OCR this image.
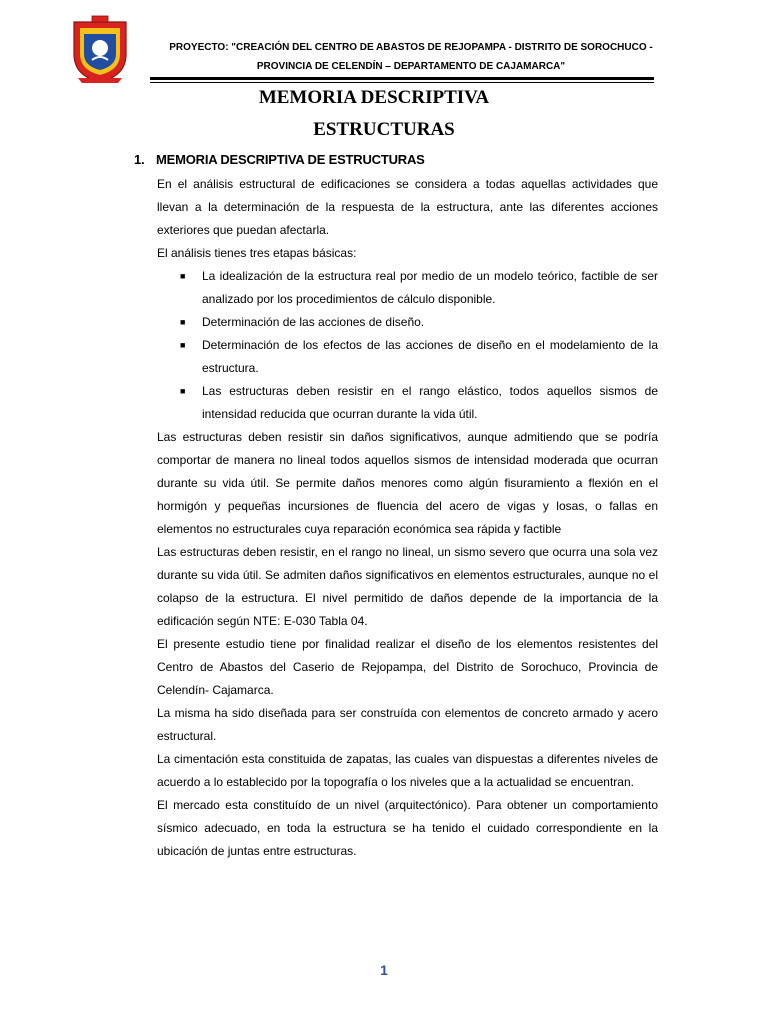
PROYECTO: "CREACIÓN DEL CENTRO DE ABASTOS DE REJOPAMPA - DISTRITO DE SOROCHUCO -
PROVINCIA DE CELENDÍN – DEPARTAMENTO DE CAJAMARCA"
MEMORIA DESCRIPTIVA
ESTRUCTURAS
1. MEMORIA DESCRIPTIVA DE ESTRUCTURAS

En el análisis estructural de edificaciones se considera a todas aquellas actividades que llevan a la determinación de la respuesta de la estructura, ante las diferentes acciones exteriores que puedan afectarla.

El análisis tienes tres etapas básicas:

■ La idealización de la estructura real por medio de un modelo teórico, factible de ser analizado por los procedimientos de cálculo disponible.
■ Determinación de las acciones de diseño.
■ Determinación de los efectos de las acciones de diseño en el modelamiento de la estructura.
■ Las estructuras deben resistir en el rango elástico, todos aquellos sismos de intensidad reducida que ocurran durante la vida útil.

Las estructuras deben resistir sin daños significativos, aunque admitiendo que se podría comportar de manera no lineal todos aquellos sismos de intensidad moderada que ocurran durante su vida útil. Se permite daños menores como algún fisuramiento a flexión en el hormigón y pequeñas incursiones de fluencia del acero de vigas y losas, o fallas en elementos no estructurales cuya reparación económica sea rápida y factible

Las estructuras deben resistir, en el rango no lineal, un sismo severo que ocurra una sola vez durante su vida útil. Se admiten daños significativos en elementos estructurales, aunque no el colapso de la estructura. El nivel permitido de daños depende de la importancia de la edificación según NTE: E-030 Tabla 04.

El presente estudio tiene por finalidad realizar el diseño de los elementos resistentes del Centro de Abastos del Caserio de Rejopampa, del Distrito de Sorochuco, Provincia de Celendín- Cajamarca.

La misma ha sido diseñada para ser construída con elementos de concreto armado y acero estructural.

La cimentación esta constituida de zapatas, las cuales van dispuestas a diferentes niveles de acuerdo a lo establecido por la topografía o los niveles que a la actualidad se encuentran.

El mercado esta constituído de un nivel (arquitectónico). Para obtener un comportamiento sísmico adecuado, en toda la estructura se ha tenido el cuidado correspondiente en la ubicación de juntas entre estructuras.

1
